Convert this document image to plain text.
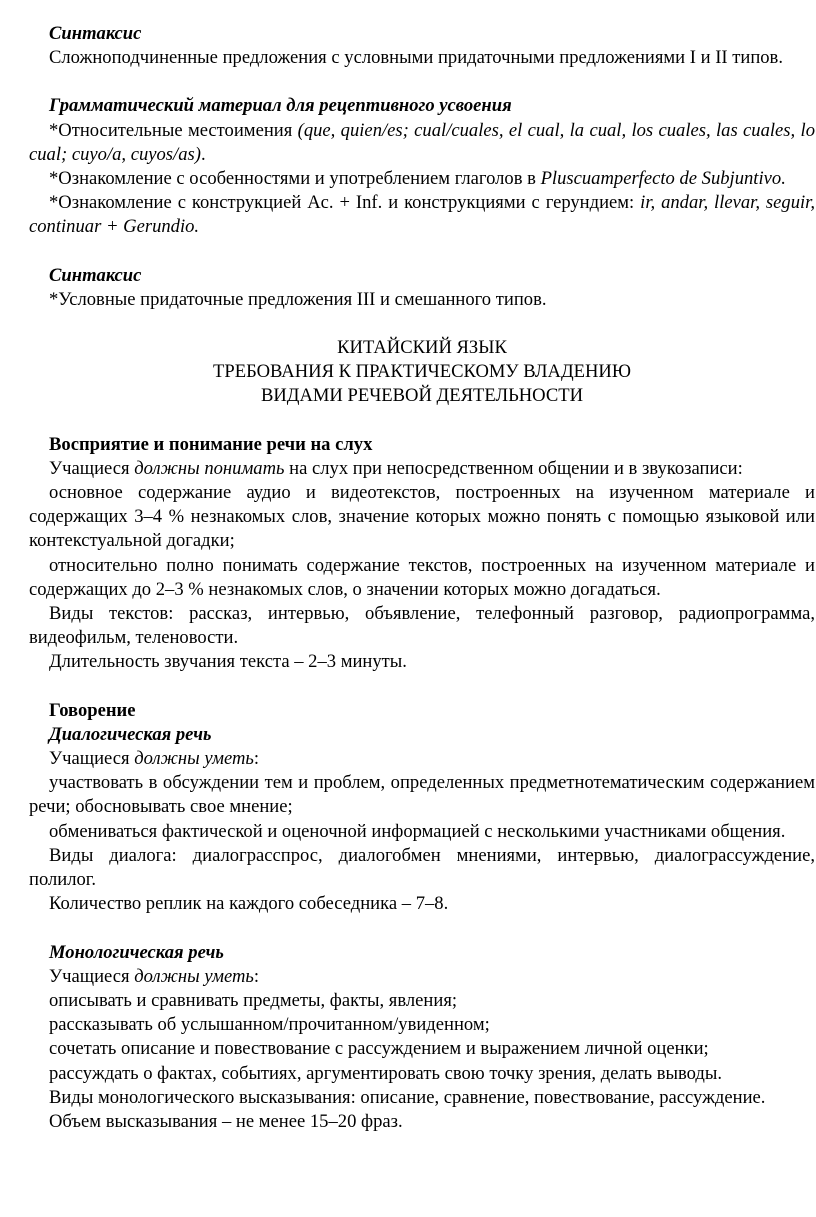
Синтаксис

Сложноподчиненные предложения с условными придаточными предложениями I и II типов.

Грамматический материал для рецептивного усвоения

*Относительные местоимения (que, quien/es; cual/cuales, el cual, la cual, los cuales, las cuales, lo cual; cuyo/a, cuyos/as).

*Ознакомление с особенностями и употреблением глаголов в Pluscuamperfecto de Subjuntivo.

*Ознакомление с конструкцией Ac. + Inf. и конструкциями с герундием: ir, andar, llevar, seguir, continuar + Gerundio.

Синтаксис

*Условные придаточные предложения III и смешанного типов.

КИТАЙСКИЙ ЯЗЫК

ТРЕБОВАНИЯ К ПРАКТИЧЕСКОМУ ВЛАДЕНИЮ

ВИДАМИ РЕЧЕВОЙ ДЕЯТЕЛЬНОСТИ

Восприятие и понимание речи на слух

Учащиеся должны понимать на слух при непосредственном общении и в звукозаписи:

основное содержание аудио и видеотекстов, построенных на изученном материале и содержащих 3–4 % незнакомых слов, значение которых можно понять с помощью языковой или контекстуальной догадки;

относительно полно понимать содержание текстов, построенных на изученном материале и содержащих до 2–3 % незнакомых слов, о значении которых можно догадаться.

Виды текстов: рассказ, интервью, объявление, телефонный разговор, радиопрограмма, видеофильм, теленовости.

Длительность звучания текста – 2–3 минуты.

Говорение

Диалогическая речь

Учащиеся должны уметь:

участвовать в обсуждении тем и проблем, определенных предметнотематическим содержанием речи; обосновывать свое мнение;

обмениваться фактической и оценочной информацией с несколькими участниками общения.

Виды диалога: диалограсспрос, диалогобмен мнениями, интервью, диалограссуждение, полилог.

Количество реплик на каждого собеседника – 7–8.

Монологическая речь

Учащиеся должны уметь:

описывать и сравнивать предметы, факты, явления;

рассказывать об услышанном/прочитанном/увиденном;

сочетать описание и повествование с рассуждением и выражением личной оценки;

рассуждать о фактах, событиях, аргументировать свою точку зрения, делать выводы.

Виды монологического высказывания: описание, сравнение, повествование, рассуждение.

Объем высказывания – не менее 15–20 фраз.
